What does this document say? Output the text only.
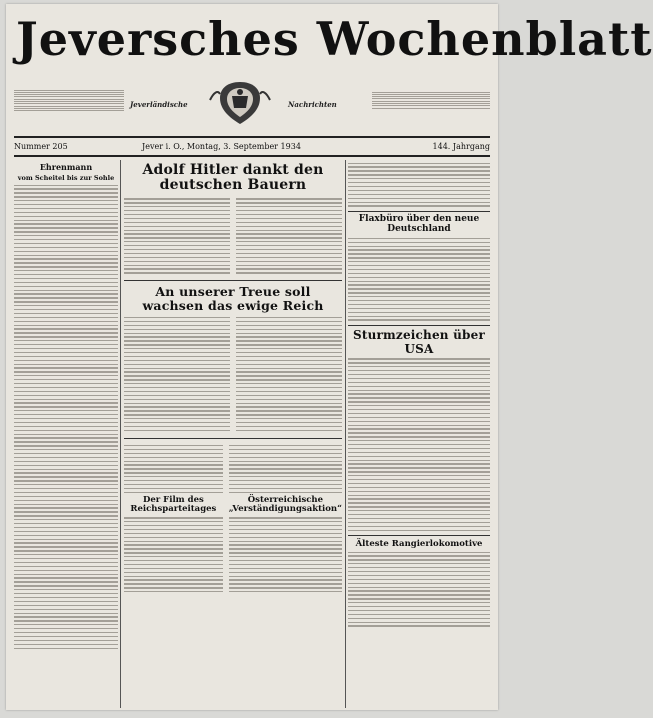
Jeversches Wochenblatt
Jeverländische	Nachrichten
Nummer 205	Jever i. O., Montag, 3. September 1934	144. Jahrgang
Ehrenmann
vom Scheitel bis zur Sohle	Adolf Hitler dankt den deutschen Bauern
An unserer Treue soll wachsen das ewige Reich
Der Film des Reichsparteitages
Österreichische „Verständigungsaktion“
Flaxbüro über den neue Deutschland
Sturmzeichen über USA
Älteste Rangierlokomotive
